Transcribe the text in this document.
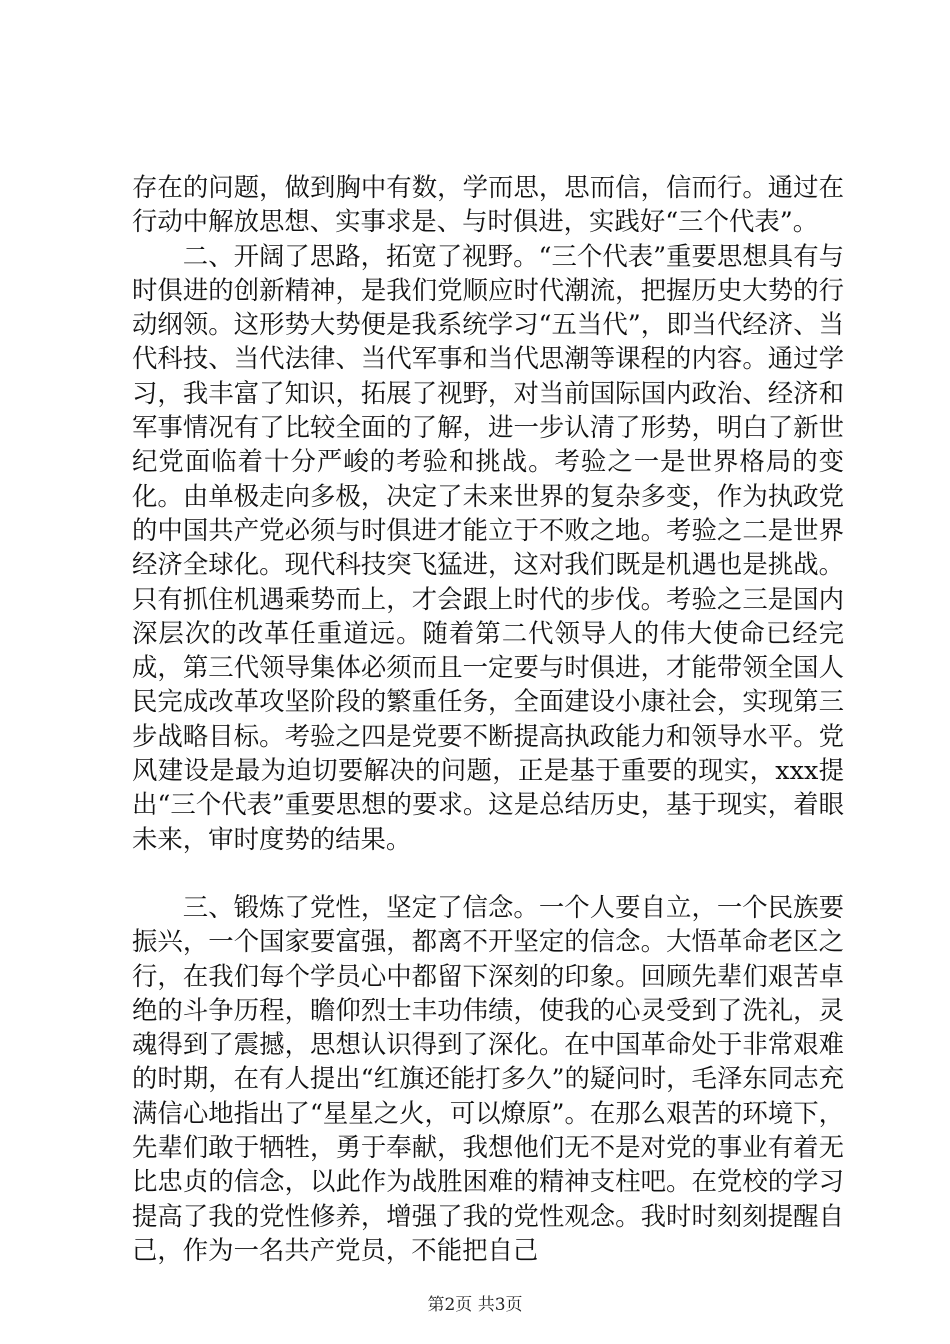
存在的问题，做到胸中有数，学而思，思而信，信而行。通过在行动中解放思想、实事求是、与时俱进，实践好“三个代表”。

二、开阔了思路，拓宽了视野。“三个代表”重要思想具有与时俱进的创新精神，是我们党顺应时代潮流，把握历史大势的行动纲领。这形势大势便是我系统学习“五当代”，即当代经济、当代科技、当代法律、当代军事和当代思潮等课程的内容。通过学习，我丰富了知识，拓展了视野，对当前国际国内政治、经济和军事情况有了比较全面的了解，进一步认清了形势，明白了新世纪党面临着十分严峻的考验和挑战。考验之一是世界格局的变化。由单极走向多极，决定了未来世界的复杂多变，作为执政党的中国共产党必须与时俱进才能立于不败之地。考验之二是世界经济全球化。现代科技突飞猛进，这对我们既是机遇也是挑战。只有抓住机遇乘势而上，才会跟上时代的步伐。考验之三是国内深层次的改革任重道远。随着第二代领导人的伟大使命已经完成，第三代领导集体必须而且一定要与时俱进，才能带领全国人民完成改革攻坚阶段的繁重任务，全面建设小康社会，实现第三步战略目标。考验之四是党要不断提高执政能力和领导水平。党风建设是最为迫切要解决的问题，正是基于重要的现实，xxx提出“三个代表”重要思想的要求。这是总结历史，基于现实，着眼未来，审时度势的结果。

三、锻炼了党性，坚定了信念。一个人要自立，一个民族要振兴，一个国家要富强，都离不开坚定的信念。大悟革命老区之行，在我们每个学员心中都留下深刻的印象。回顾先辈们艰苦卓绝的斗争历程，瞻仰烈士丰功伟绩，使我的心灵受到了洗礼，灵魂得到了震撼，思想认识得到了深化。在中国革命处于非常艰难的时期，在有人提出“红旗还能打多久”的疑问时，毛泽东同志充满信心地指出了“星星之火，可以燎原”。在那么艰苦的环境下，先辈们敢于牺牲，勇于奉献，我想他们无不是对党的事业有着无比忠贞的信念，以此作为战胜困难的精神支柱吧。在党校的学习提高了我的党性修养，增强了我的党性观念。我时时刻刻提醒自己，作为一名共产党员，不能把自己

第2页 共3页
